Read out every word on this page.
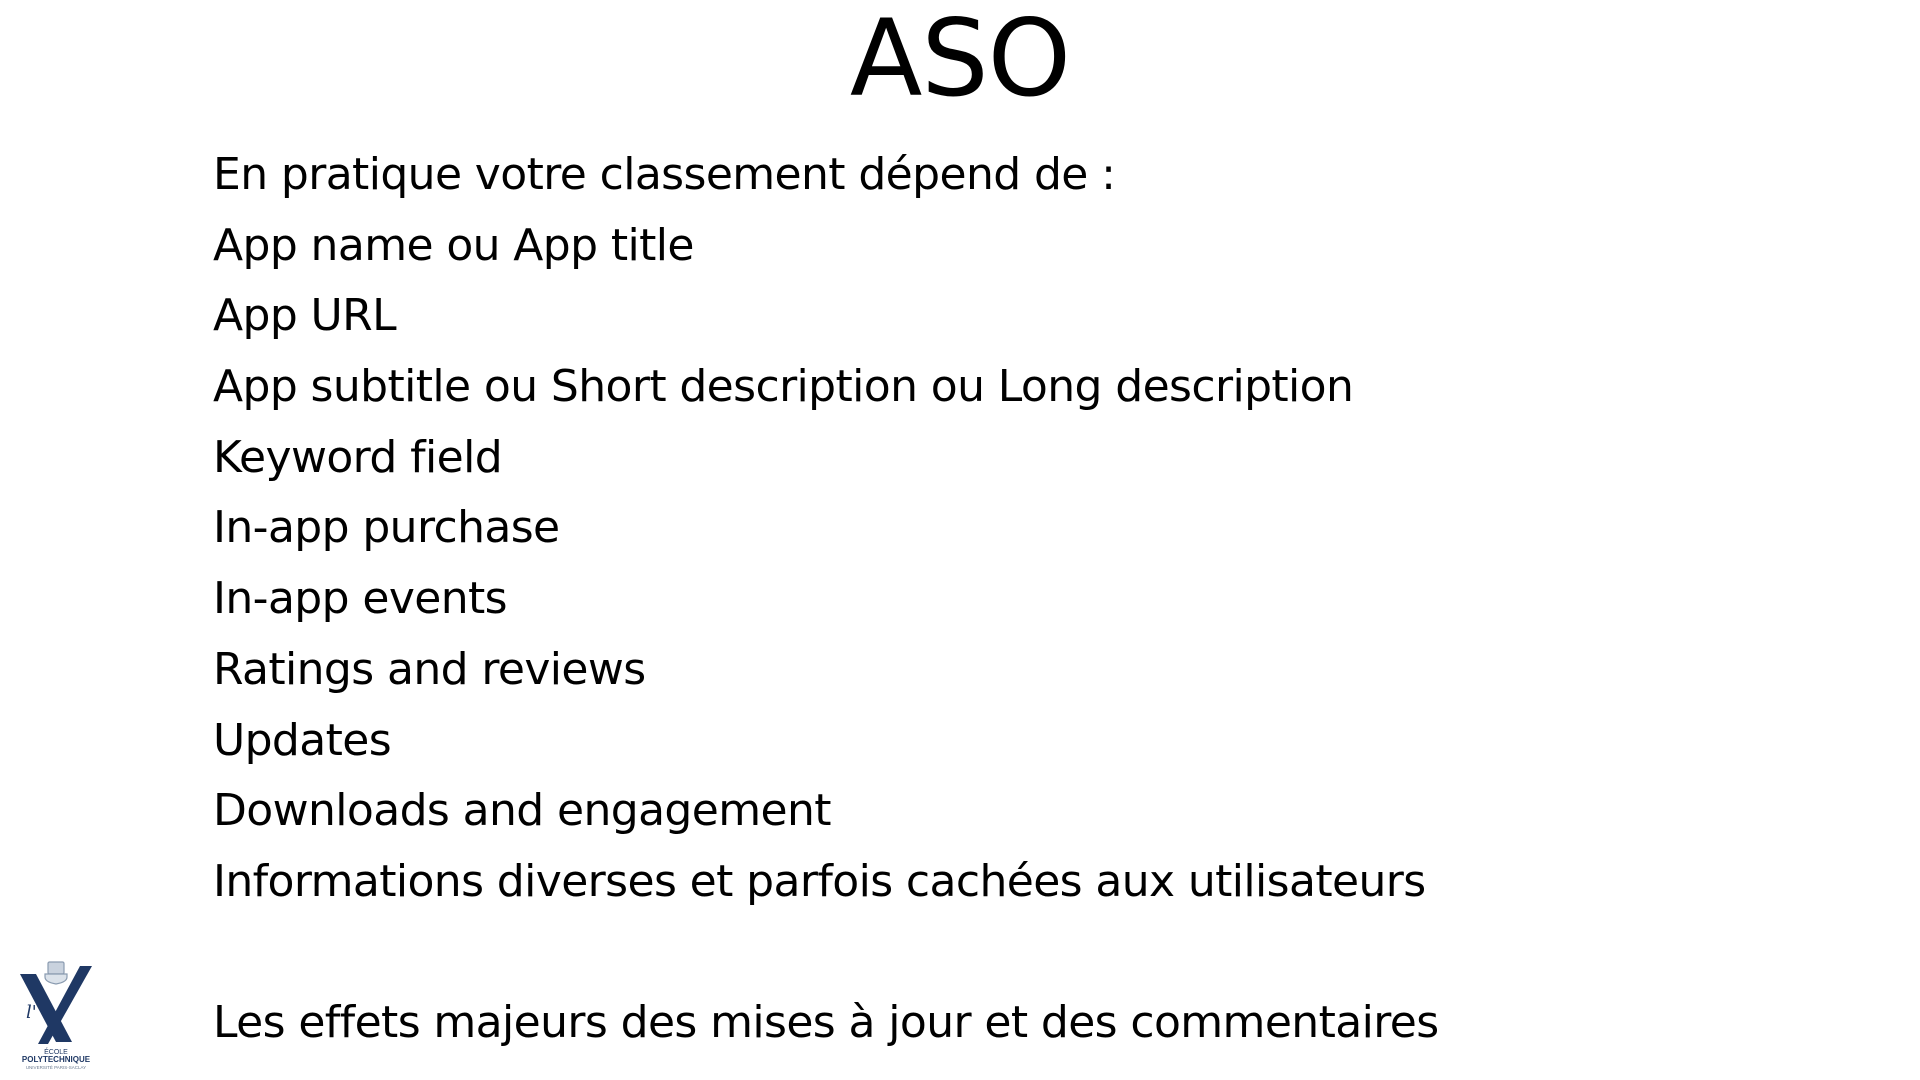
ASO
En pratique votre classement dépend de :
App name ou App title
App URL
App subtitle ou Short description ou Long description
Keyword field
In-app purchase
In-app events
Ratings and reviews
Updates
Downloads and engagement
Informations diverses et parfois cachées aux utilisateurs
Les effets majeurs des mises à jour et des commentaires
l'
ÉCOLE
POLYTECHNIQUE
UNIVERSITÉ PARIS-SACLAY
